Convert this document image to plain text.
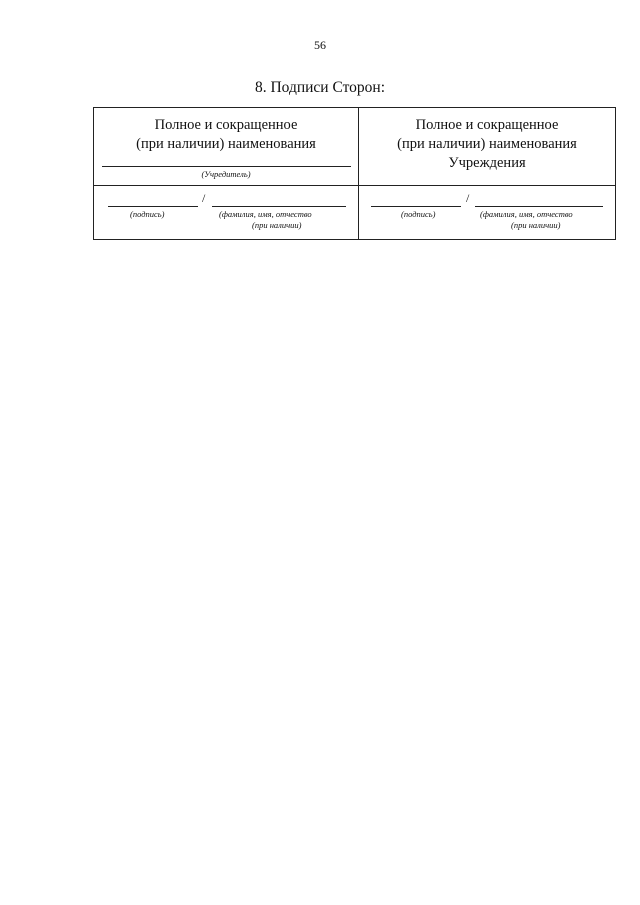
56
8. Подписи Сторон:
Полное и сокращенное
(при наличии) наименования
(Учредитель)
Полное и сокращенное
(при наличии) наименования
Учреждения
/
(подпись)	(фамилия, имя, отчество
(при наличии)
/
(подпись)	(фамилия, имя, отчество
(при наличии)
